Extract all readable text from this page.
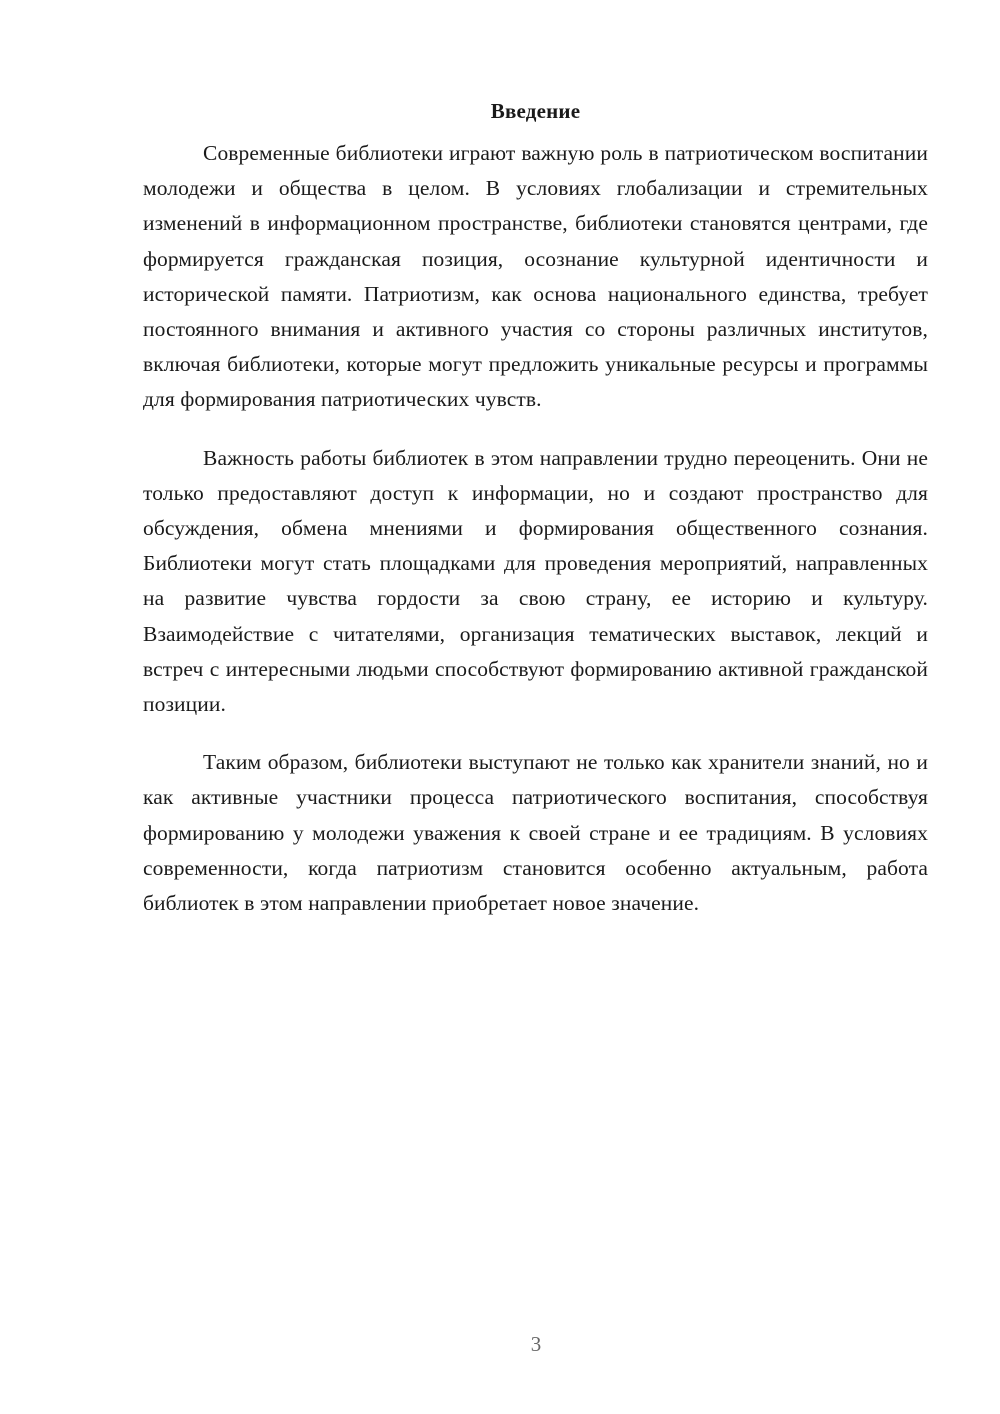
Введение

Современные библиотеки играют важную роль в патриотическом воспитании молодежи и общества в целом. В условиях глобализации и стремительных изменений в информационном пространстве, библиотеки становятся центрами, где формируется гражданская позиция, осознание культурной идентичности и исторической памяти. Патриотизм, как основа национального единства, требует постоянного внимания и активного участия со стороны различных институтов, включая библиотеки, которые могут предложить уникальные ресурсы и программы для формирования патриотических чувств.

Важность работы библиотек в этом направлении трудно переоценить. Они не только предоставляют доступ к информации, но и создают пространство для обсуждения, обмена мнениями и формирования общественного сознания. Библиотеки могут стать площадками для проведения мероприятий, направленных на развитие чувства гордости за свою страну, ее историю и культуру. Взаимодействие с читателями, организация тематических выставок, лекций и встреч с интересными людьми способствуют формированию активной гражданской позиции.

Таким образом, библиотеки выступают не только как хранители знаний, но и как активные участники процесса патриотического воспитания, способствуя формированию у молодежи уважения к своей стране и ее традициям. В условиях современности, когда патриотизм становится особенно актуальным, работа библиотек в этом направлении приобретает новое значение.

3
